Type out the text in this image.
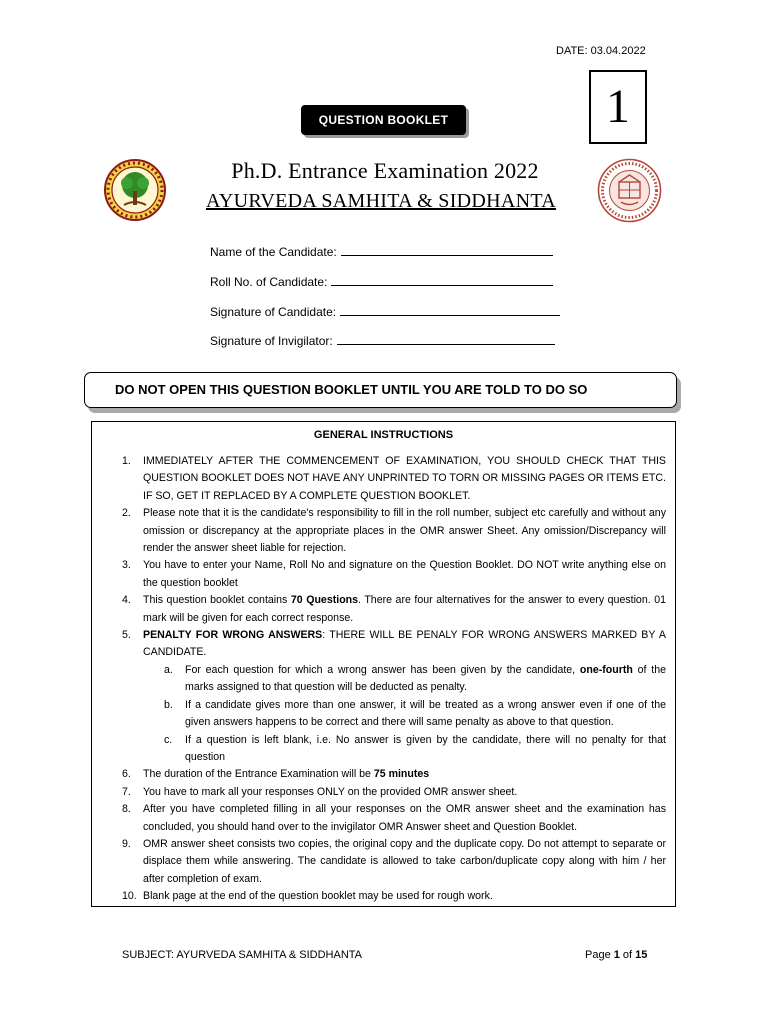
DATE: 03.04.2022
1
QUESTION BOOKLET
Ph.D. Entrance Examination 2022
AYURVEDA SAMHITA & SIDDHANTA
Name of the Candidate:
Roll No. of Candidate:
Signature of Candidate:
Signature of Invigilator:
DO NOT OPEN THIS QUESTION BOOKLET UNTIL YOU ARE TOLD TO DO SO
GENERAL INSTRUCTIONS
1. IMMEDIATELY AFTER THE COMMENCEMENT OF EXAMINATION, YOU SHOULD CHECK THAT THIS QUESTION BOOKLET DOES NOT HAVE ANY UNPRINTED TO TORN OR MISSING PAGES OR ITEMS ETC. IF SO, GET IT REPLACED BY A COMPLETE QUESTION BOOKLET.
2. Please note that it is the candidate's responsibility to fill in the roll number, subject etc carefully and without any omission or discrepancy at the appropriate places in the OMR answer Sheet. Any omission/Discrepancy will render the answer sheet liable for rejection.
3. You have to enter your Name, Roll No and signature on the Question Booklet. DO NOT write anything else on the question booklet
4. This question booklet contains 70 Questions. There are four alternatives for the answer to every question. 01 mark will be given for each correct response.
5. PENALTY FOR WRONG ANSWERS: THERE WILL BE PENALY FOR WRONG ANSWERS MARKED BY A CANDIDATE.
a. For each question for which a wrong answer has been given by the candidate, one-fourth of the marks assigned to that question will be deducted as penalty.
b. If a candidate gives more than one answer, it will be treated as a wrong answer even if one of the given answers happens to be correct and there will same penalty as above to that question.
c. If a question is left blank, i.e. No answer is given by the candidate, there will no penalty for that question
6. The duration of the Entrance Examination will be 75 minutes
7. You have to mark all your responses ONLY on the provided OMR answer sheet.
8. After you have completed filling in all your responses on the OMR answer sheet and the examination has concluded, you should hand over to the invigilator OMR Answer sheet and Question Booklet.
9. OMR answer sheet consists two copies, the original copy and the duplicate copy. Do not attempt to separate or displace them while answering. The candidate is allowed to take carbon/duplicate copy along with him / her after completion of exam.
10. Blank page at the end of the question booklet may be used for rough work.
SUBJECT: AYURVEDA SAMHITA & SIDDHANTA	Page 1 of 15
